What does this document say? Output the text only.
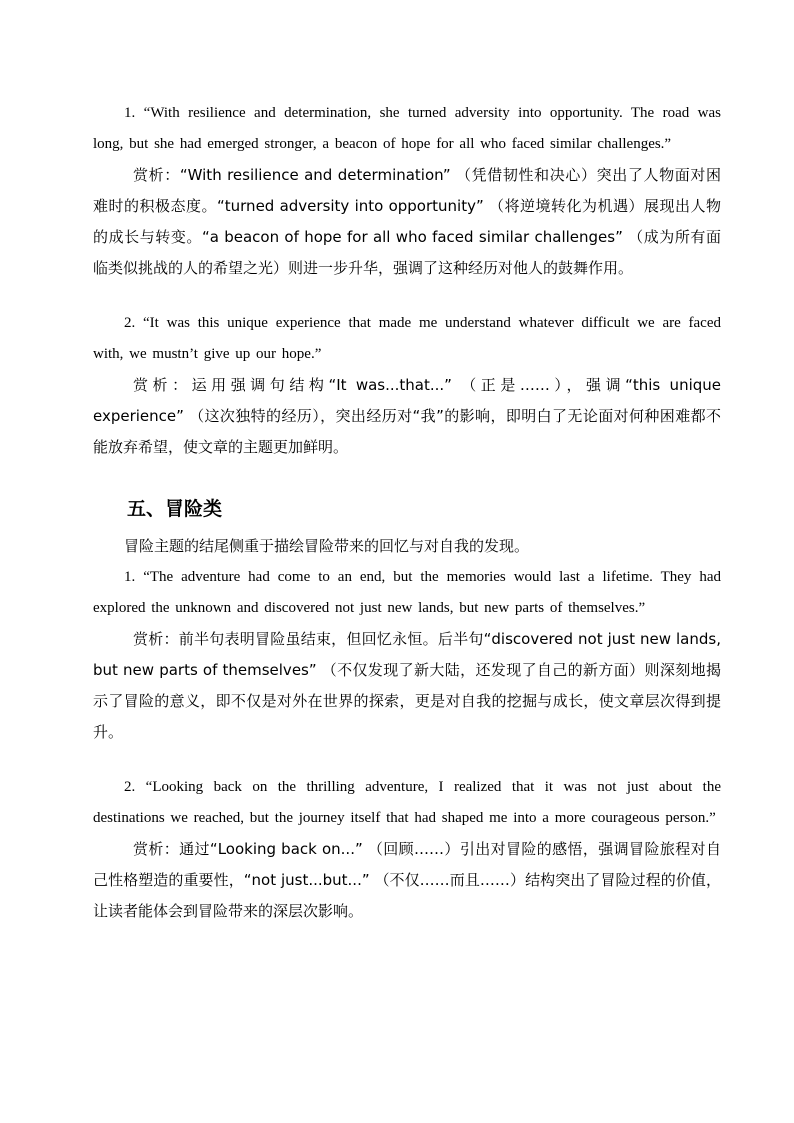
1. “With resilience and determination, she turned adversity into opportunity. The road was long, but she had emerged stronger, a beacon of hope for all who faced similar challenges.”

赏析：“With resilience and determination” （凭借韧性和决心）突出了人物面对困难时的积极态度。“turned adversity into opportunity” （将逆境转化为机遇）展现出人物的成长与转变。“a beacon of hope for all who faced similar challenges” （成为所有面临类似挑战的人的希望之光）则进一步升华，强调了这种经历对他人的鼓舞作用。

2. “It was this unique experience that made me understand whatever difficult we are faced with, we mustn’t give up our hope.”

赏析：运用强调句结构“It was...that...” （正是……），强调“this unique experience” （这次独特的经历），突出经历对“我”的影响，即明白了无论面对何种困难都不能放弃希望，使文章的主题更加鲜明。

五、冒险类

冒险主题的结尾侧重于描绘冒险带来的回忆与对自我的发现。

1. “The adventure had come to an end, but the memories would last a lifetime. They had explored the unknown and discovered not just new lands, but new parts of themselves.”

赏析：前半句表明冒险虽结束，但回忆永恒。后半句“discovered not just new lands, but new parts of themselves” （不仅发现了新大陆，还发现了自己的新方面）则深刻地揭示了冒险的意义，即不仅是对外在世界的探索，更是对自我的挖掘与成长，使文章层次得到提升。

2. “Looking back on the thrilling adventure, I realized that it was not just about the destinations we reached, but the journey itself that had shaped me into a more courageous person.”

赏析：通过“Looking back on...” （回顾……）引出对冒险的感悟，强调冒险旅程对自己性格塑造的重要性，“not just...but...” （不仅……而且……）结构突出了冒险过程的价值，让读者能体会到冒险带来的深层次影响。
